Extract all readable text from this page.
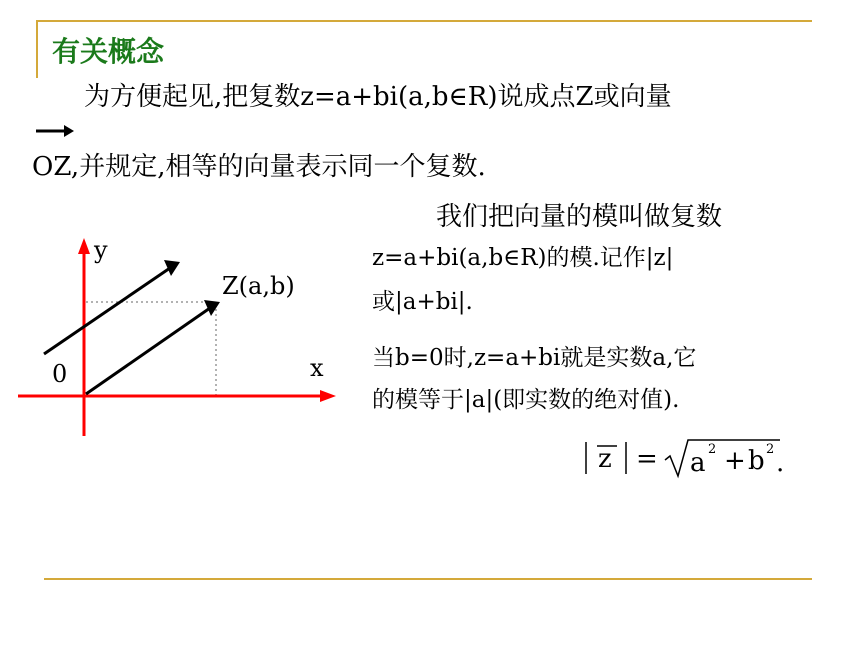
有关概念
为方便起见,把复数z=a+bi(a,b∈R)说成点Z或向量
OZ,并规定,相等的向量表示同一个复数.
y
Z(a,b)
0	x
我们把向量的模叫做复数
z=a+bi(a,b∈R)的模.记作|z|
或|a+bi|.
当b=0时,z=a+bi就是实数a,它
的模等于|a|(即实数的绝对值).
z = a 2 + b 2 .
